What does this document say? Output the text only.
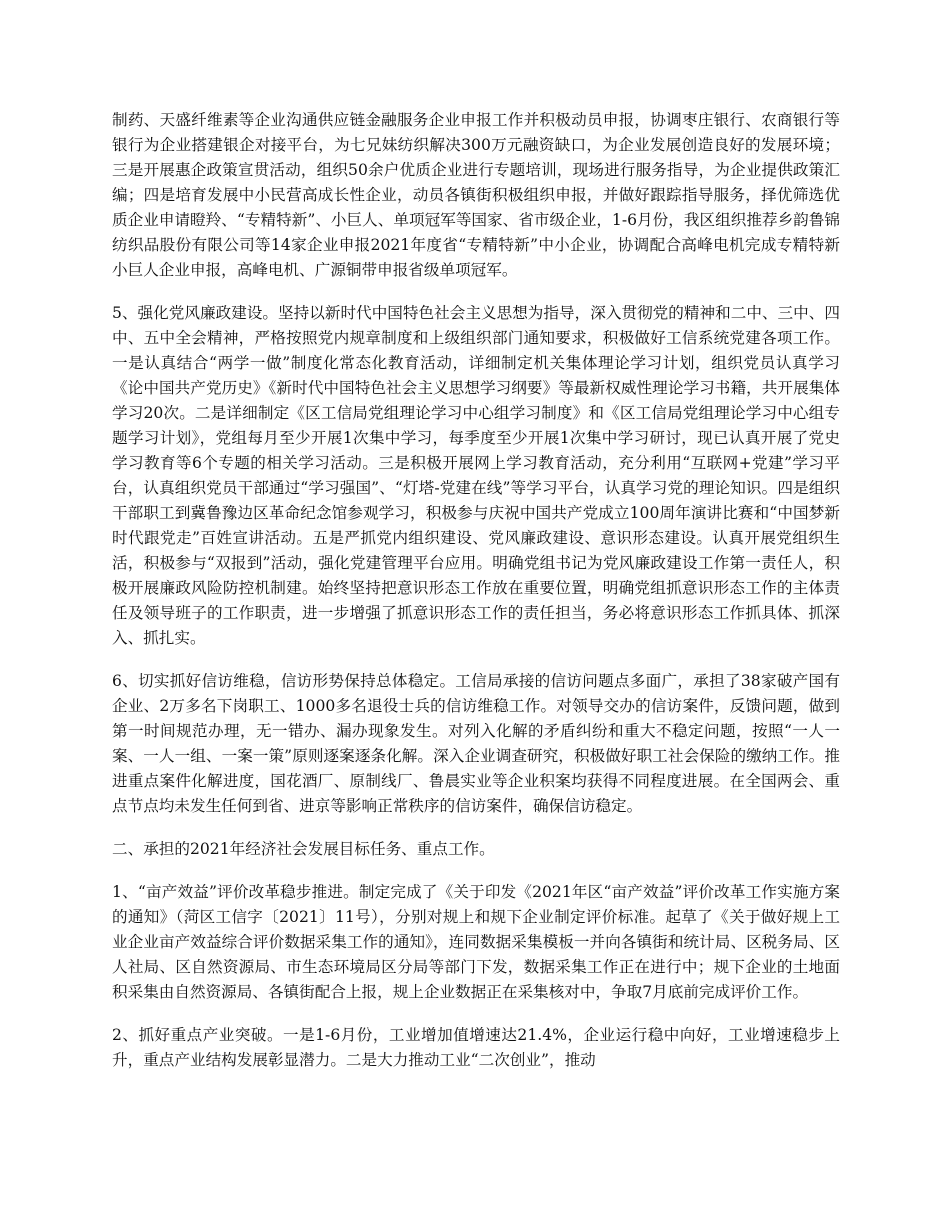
制药、天盛纤维素等企业沟通供应链金融服务企业申报工作并积极动员申报，协调枣庄银行、农商银行等银行为企业搭建银企对接平台，为七兄妹纺织解决300万元融资缺口，为企业发展创造良好的发展环境；三是开展惠企政策宣贯活动，组织50余户优质企业进行专题培训，现场进行服务指导，为企业提供政策汇编；四是培育发展中小民营高成长性企业，动员各镇街积极组织申报，并做好跟踪指导服务，择优筛选优质企业申请瞪羚、“专精特新”、小巨人、单项冠军等国家、省市级企业，1-6月份，我区组织推荐乡韵鲁锦纺织品股份有限公司等14家企业申报2021年度省“专精特新”中小企业，协调配合高峰电机完成专精特新小巨人企业申报，高峰电机、广源铜带申报省级单项冠军。

5、强化党风廉政建设。坚持以新时代中国特色社会主义思想为指导，深入贯彻党的精神和二中、三中、四中、五中全会精神，严格按照党内规章制度和上级组织部门通知要求，积极做好工信系统党建各项工作。一是认真结合“两学一做”制度化常态化教育活动，详细制定机关集体理论学习计划，组织党员认真学习《论中国共产党历史》《新时代中国特色社会主义思想学习纲要》等最新权威性理论学习书籍，共开展集体学习20次。二是详细制定《区工信局党组理论学习中心组学习制度》和《区工信局党组理论学习中心组专题学习计划》，党组每月至少开展1次集中学习，每季度至少开展1次集中学习研讨，现已认真开展了党史学习教育等6个专题的相关学习活动。三是积极开展网上学习教育活动，充分利用“互联网+党建”学习平台，认真组织党员干部通过“学习强国”、“灯塔-党建在线”等学习平台，认真学习党的理论知识。四是组织干部职工到冀鲁豫边区革命纪念馆参观学习，积极参与庆祝中国共产党成立100周年演讲比赛和“中国梦新时代跟党走”百姓宣讲活动。五是严抓党内组织建设、党风廉政建设、意识形态建设。认真开展党组织生活，积极参与“双报到”活动，强化党建管理平台应用。明确党组书记为党风廉政建设工作第一责任人，积极开展廉政风险防控机制建。始终坚持把意识形态工作放在重要位置，明确党组抓意识形态工作的主体责任及领导班子的工作职责，进一步增强了抓意识形态工作的责任担当，务必将意识形态工作抓具体、抓深入、抓扎实。

6、切实抓好信访维稳，信访形势保持总体稳定。工信局承接的信访问题点多面广，承担了38家破产国有企业、2万多名下岗职工、1000多名退役士兵的信访维稳工作。对领导交办的信访案件，反馈问题，做到第一时间规范办理，无一错办、漏办现象发生。对列入化解的矛盾纠纷和重大不稳定问题，按照“一人一案、一人一组、一案一策”原则逐案逐条化解。深入企业调查研究，积极做好职工社会保险的缴纳工作。推进重点案件化解进度，国花酒厂、原制线厂、鲁晨实业等企业积案均获得不同程度进展。在全国两会、重点节点均未发生任何到省、进京等影响正常秩序的信访案件，确保信访稳定。

二、承担的2021年经济社会发展目标任务、重点工作。

1、“亩产效益”评价改革稳步推进。制定完成了《关于印发《2021年区“亩产效益”评价改革工作实施方案的通知》（菏区工信字〔2021〕11号），分别对规上和规下企业制定评价标准。起草了《关于做好规上工业企业亩产效益综合评价数据采集工作的通知》，连同数据采集模板一并向各镇街和统计局、区税务局、区人社局、区自然资源局、市生态环境局区分局等部门下发，数据采集工作正在进行中；规下企业的土地面积采集由自然资源局、各镇街配合上报，规上企业数据正在采集核对中，争取7月底前完成评价工作。

2、抓好重点产业突破。一是1-6月份，工业增加值增速达21.4%，企业运行稳中向好，工业增速稳步上升，重点产业结构发展彰显潜力。二是大力推动工业“二次创业”，推动
